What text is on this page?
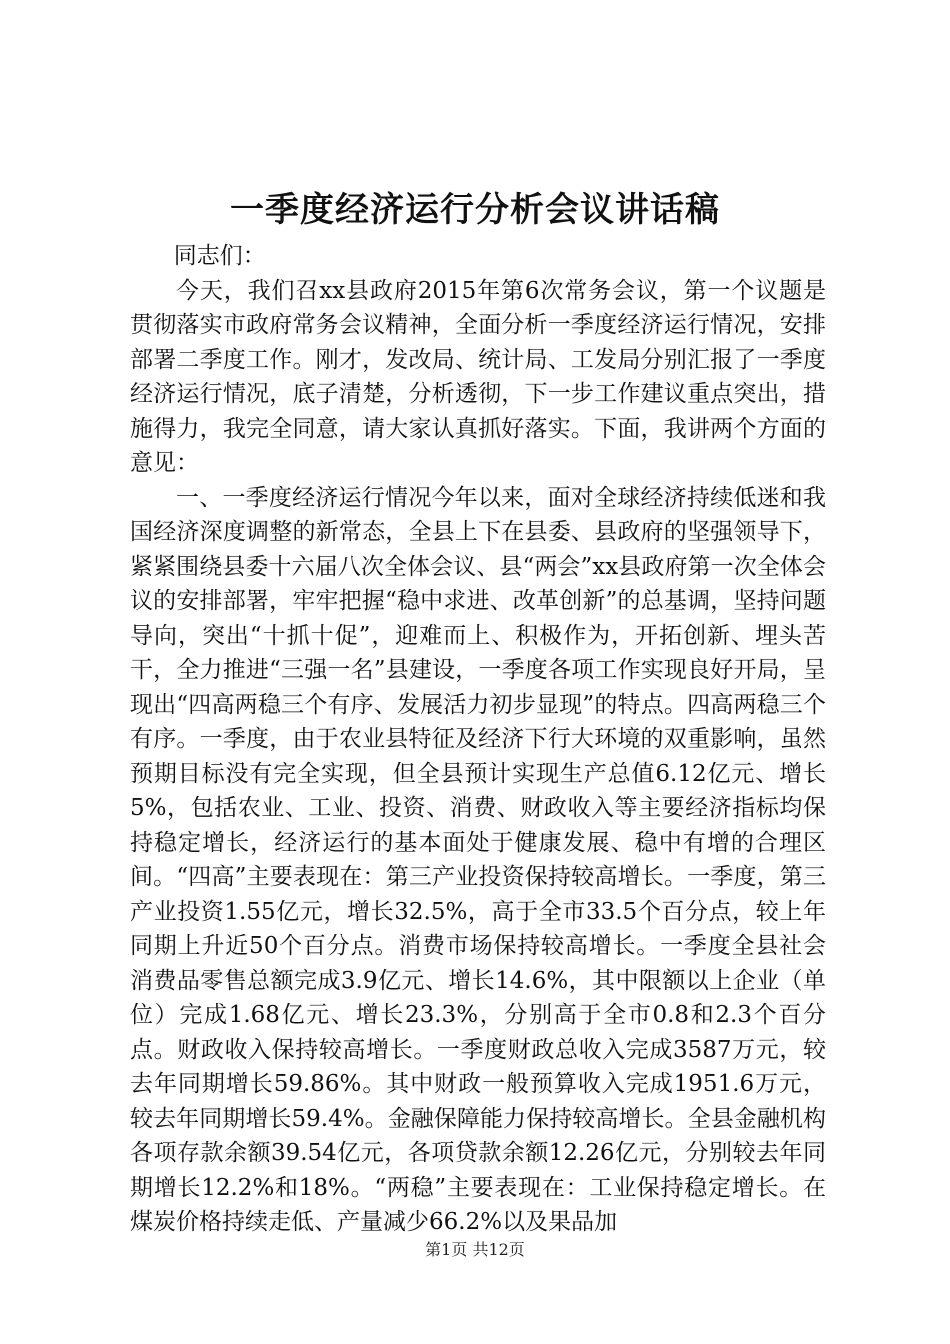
一季度经济运行分析会议讲话稿

同志们：

今天，我们召xx县政府2015年第6次常务会议，第一个议题是贯彻落实市政府常务会议精神，全面分析一季度经济运行情况，安排部署二季度工作。刚才，发改局、统计局、工发局分别汇报了一季度经济运行情况，底子清楚，分析透彻，下一步工作建议重点突出，措施得力，我完全同意，请大家认真抓好落实。下面，我讲两个方面的意见：

一、一季度经济运行情况今年以来，面对全球经济持续低迷和我国经济深度调整的新常态，全县上下在县委、县政府的坚强领导下，紧紧围绕县委十六届八次全体会议、县“两会”xx县政府第一次全体会议的安排部署，牢牢把握“稳中求进、改革创新”的总基调，坚持问题导向，突出“十抓十促”，迎难而上、积极作为，开拓创新、埋头苦干，全力推进“三强一名”县建设，一季度各项工作实现良好开局，呈现出“四高两稳三个有序、发展活力初步显现”的特点。四高两稳三个有序。一季度，由于农业县特征及经济下行大环境的双重影响，虽然预期目标没有完全实现，但全县预计实现生产总值6.12亿元、增长5%，包括农业、工业、投资、消费、财政收入等主要经济指标均保持稳定增长，经济运行的基本面处于健康发展、稳中有增的合理区间。“四高”主要表现在：第三产业投资保持较高增长。一季度，第三产业投资1.55亿元，增长32.5%，高于全市33.5个百分点，较上年同期上升近50个百分点。消费市场保持较高增长。一季度全县社会消费品零售总额完成3.9亿元、增长14.6%，其中限额以上企业（单位）完成1.68亿元、增长23.3%，分别高于全市0.8和2.3个百分点。财政收入保持较高增长。一季度财政总收入完成3587万元，较去年同期增长59.86%。其中财政一般预算收入完成1951.6万元，较去年同期增长59.4%。金融保障能力保持较高增长。全县金融机构各项存款余额39.54亿元，各项贷款余额12.26亿元，分别较去年同期增长12.2%和18%。“两稳”主要表现在：工业保持稳定增长。在煤炭价格持续走低、产量减少66.2%以及果品加

第1页 共12页
